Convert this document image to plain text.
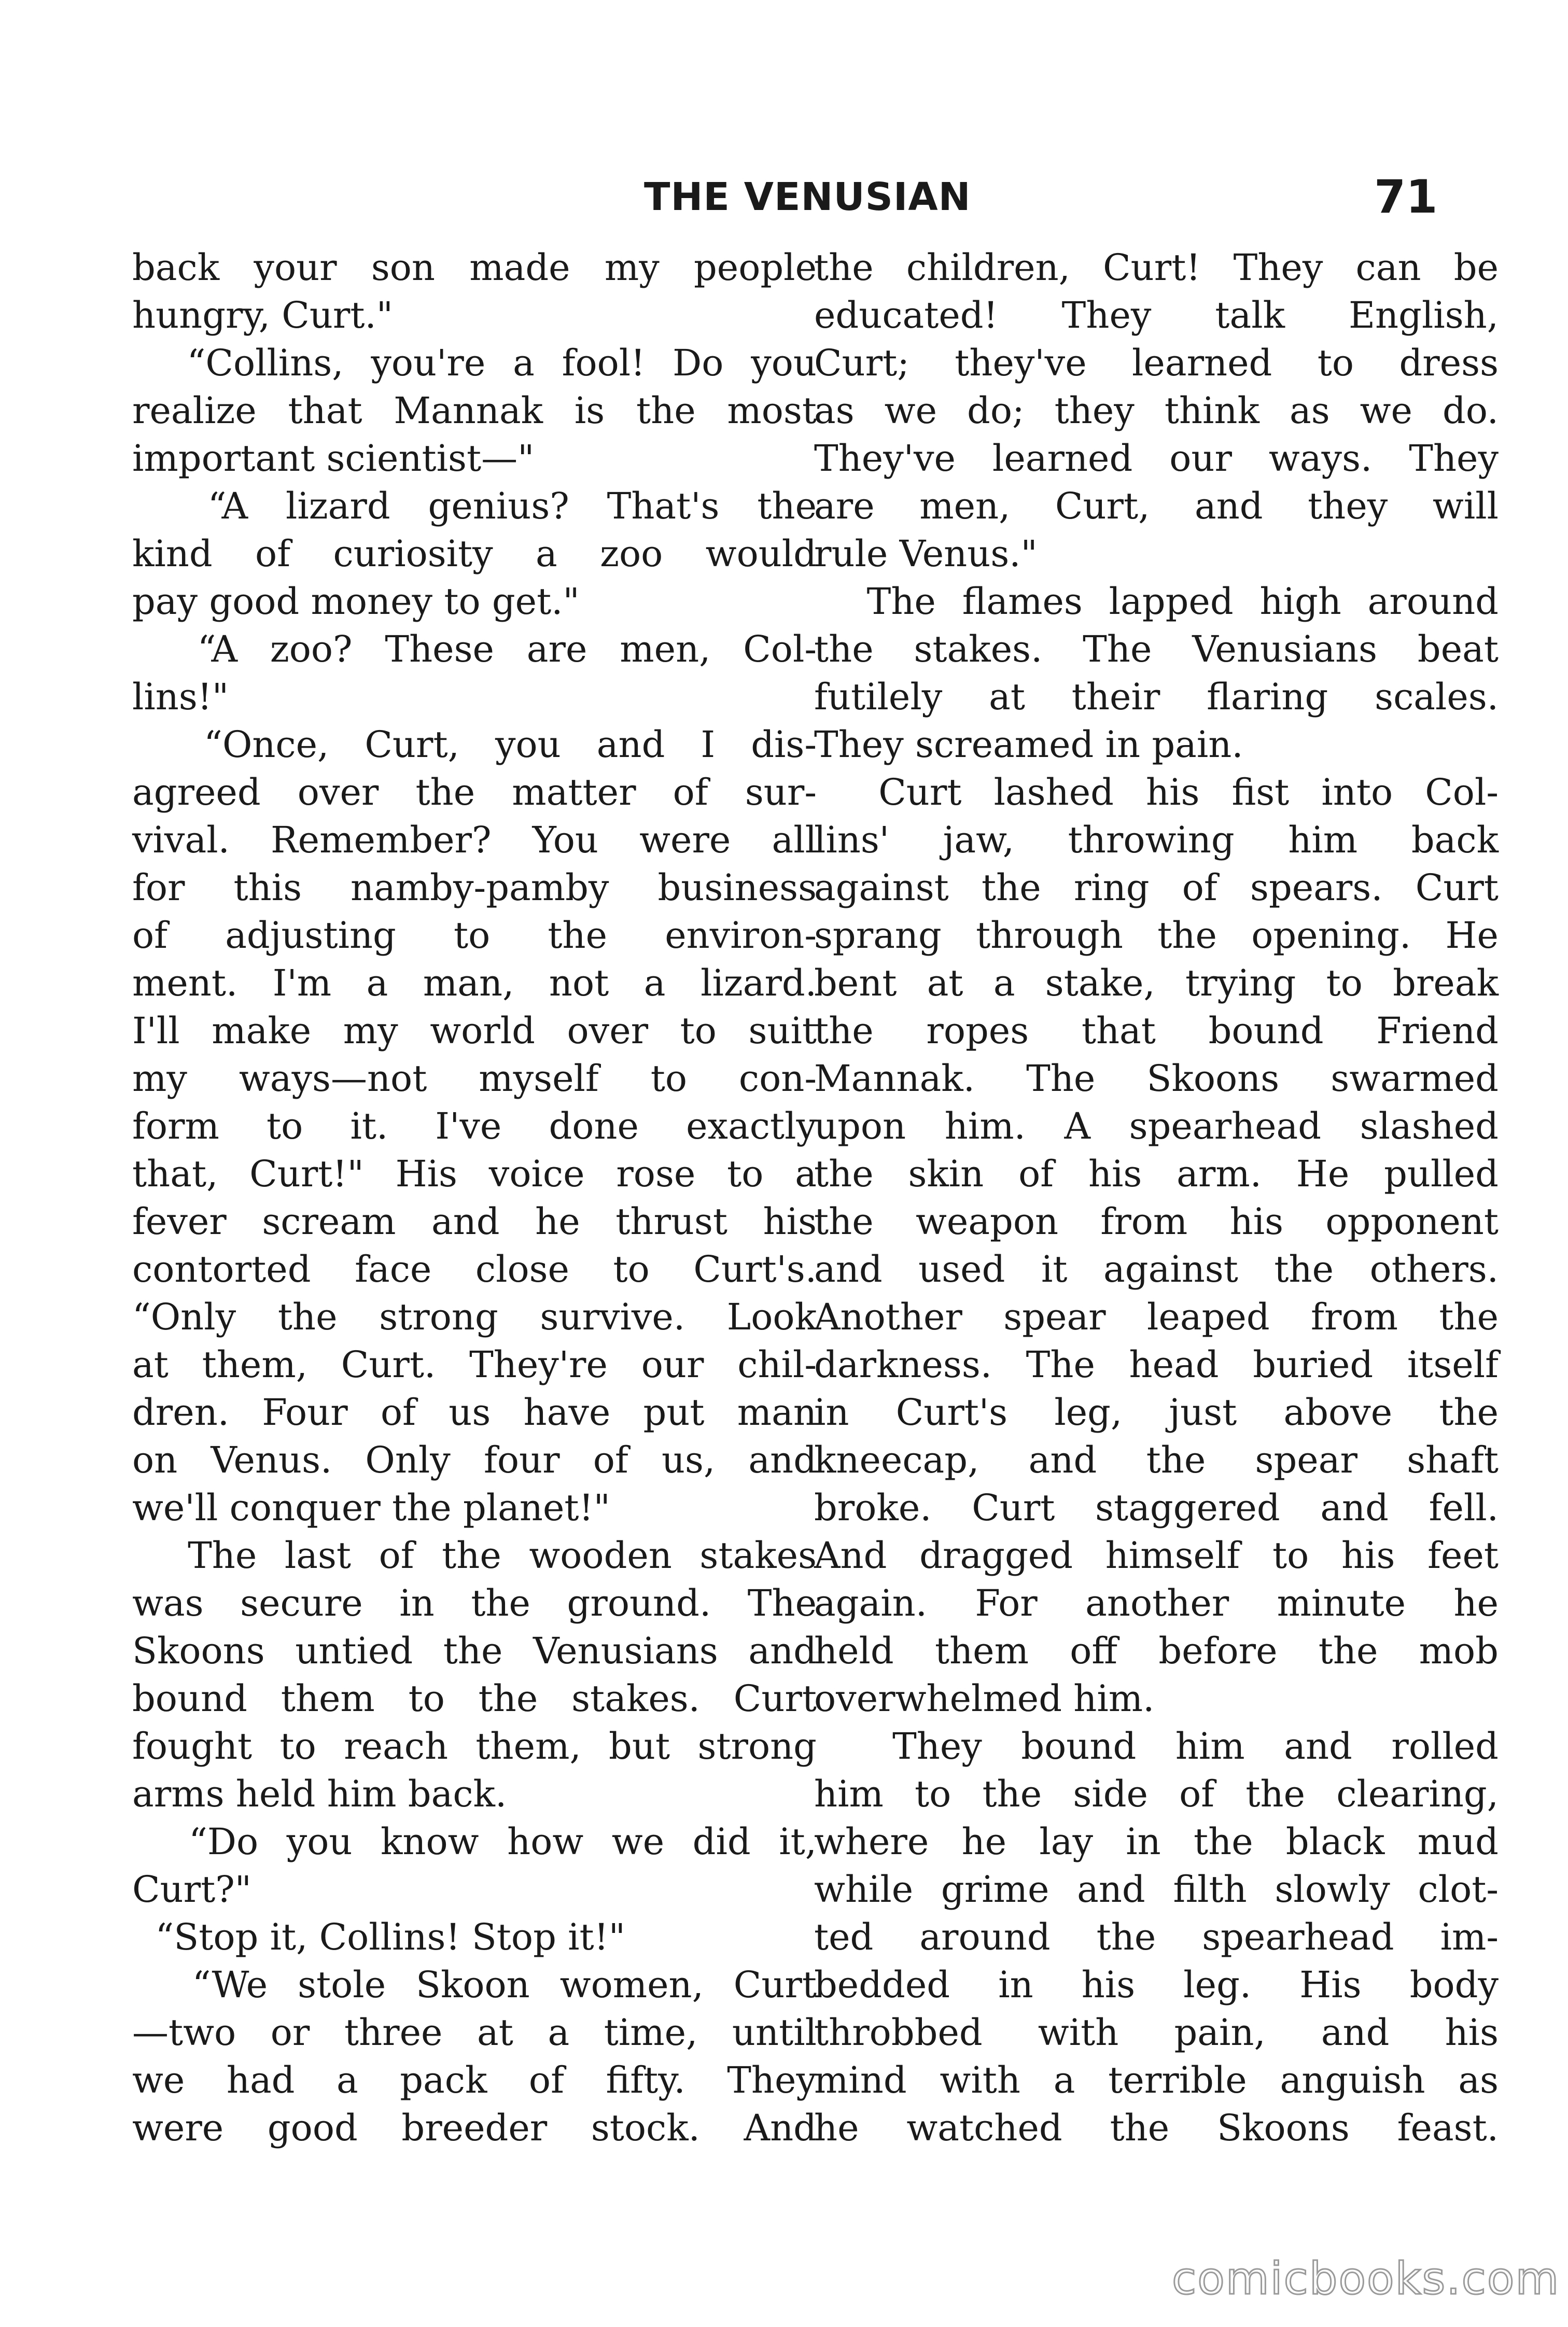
THE VENUSIAN	71
back your son made my people
hungry, Curt."
“Collins, you're a fool! Do you
realize that Mannak is the most
important scientist—"
“A lizard genius? That's the
kind of curiosity a zoo would
pay good money to get."
“A zoo? These are men, Col-
lins!"
“Once, Curt, you and I dis-
agreed over the matter of sur-
vival. Remember? You were all
for this namby-pamby business
of adjusting to the environ-
ment. I'm a man, not a lizard.
I'll make my world over to suit
my ways—not myself to con-
form to it. I've done exactly
that, Curt!" His voice rose to a
fever scream and he thrust his
contorted face close to Curt's.
“Only the strong survive. Look
at them, Curt. They're our chil-
dren. Four of us have put man
on Venus. Only four of us, and
we'll conquer the planet!"
The last of the wooden stakes
was secure in the ground. The
Skoons untied the Venusians and
bound them to the stakes. Curt
fought to reach them, but strong
arms held him back.
“Do you know how we did it,
Curt?"
“Stop it, Collins! Stop it!"
“We stole Skoon women, Curt
—two or three at a time, until
we had a pack of fifty. They
were good breeder stock. And
the children, Curt! They can be
educated! They talk English,
Curt; they've learned to dress
as we do; they think as we do.
They've learned our ways. They
are men, Curt, and they will
rule Venus."
The flames lapped high around
the stakes. The Venusians beat
futilely at their flaring scales.
They screamed in pain.
Curt lashed his fist into Col-
lins' jaw, throwing him back
against the ring of spears. Curt
sprang through the opening. He
bent at a stake, trying to break
the ropes that bound Friend
Mannak. The Skoons swarmed
upon him. A spearhead slashed
the skin of his arm. He pulled
the weapon from his opponent
and used it against the others.
Another spear leaped from the
darkness. The head buried itself
in Curt's leg, just above the
kneecap, and the spear shaft
broke. Curt staggered and fell.
And dragged himself to his feet
again. For another minute he
held them off before the mob
overwhelmed him.
They bound him and rolled
him to the side of the clearing,
where he lay in the black mud
while grime and filth slowly clot-
ted around the spearhead im-
bedded in his leg. His body
throbbed with pain, and his
mind with a terrible anguish as
he watched the Skoons feast.
comicbooks.com
